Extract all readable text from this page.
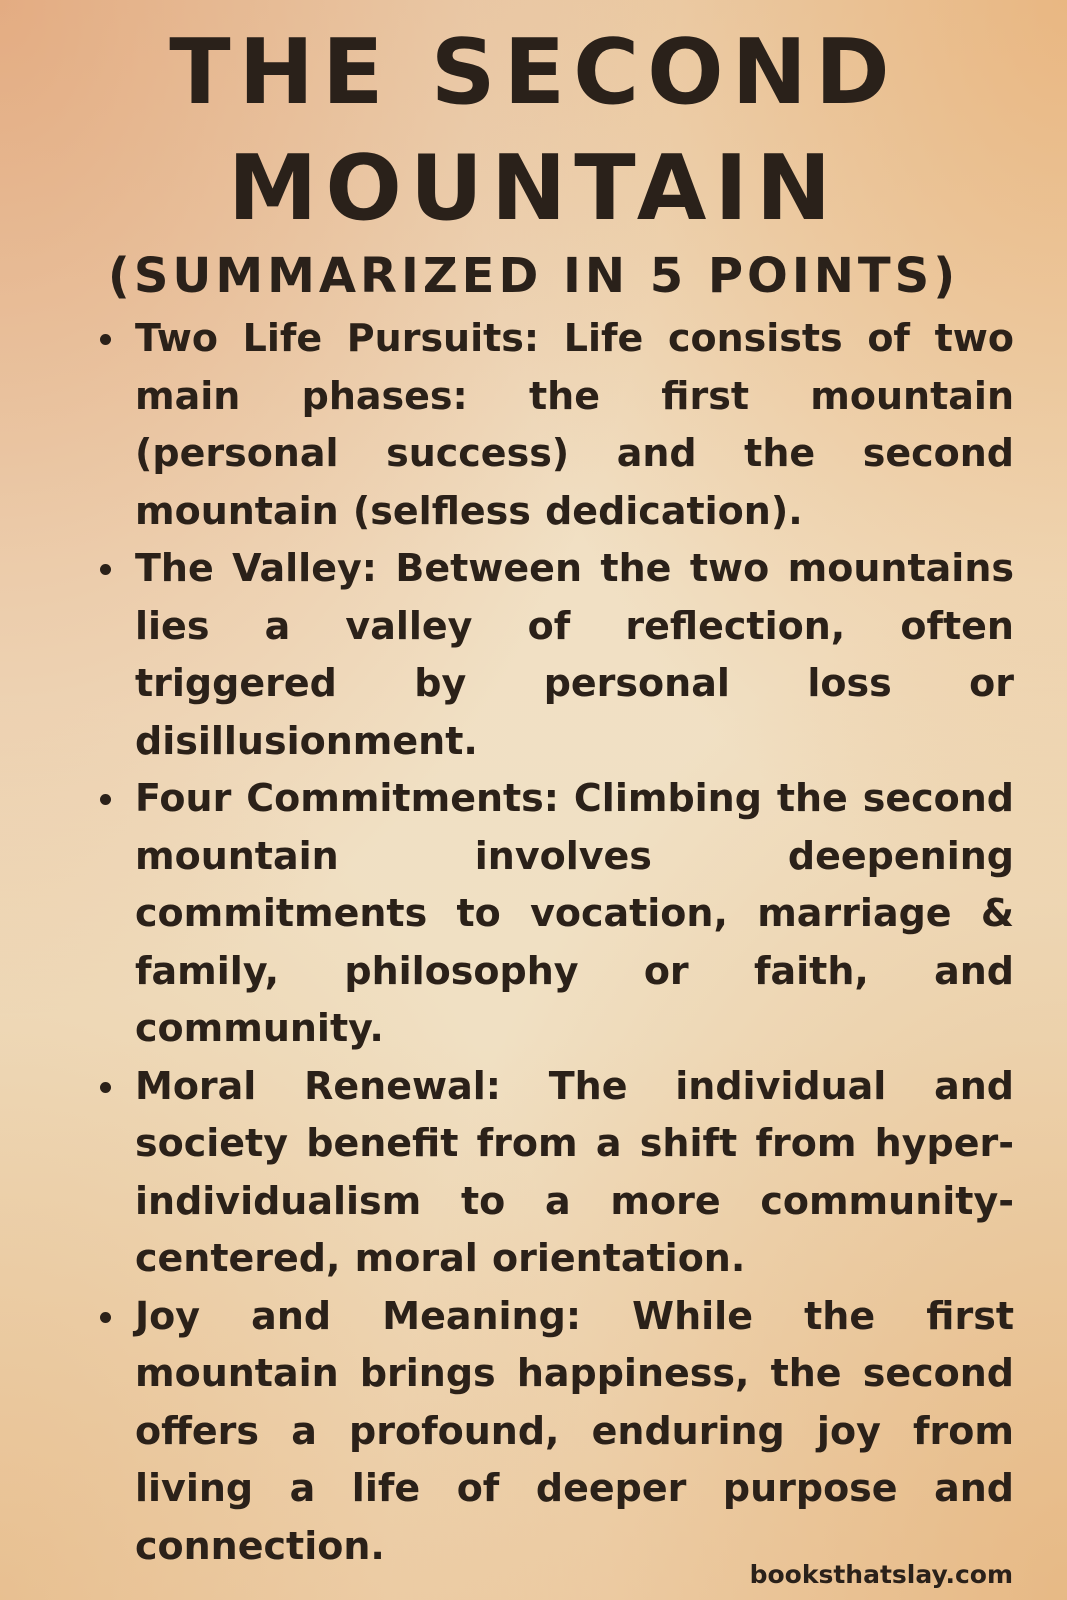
THE SECOND
MOUNTAIN
(SUMMARIZED IN 5 POINTS)
Two Life Pursuits: Life consists of two main phases: the first mountain (personal success) and the second mountain (selfless dedication).
The Valley: Between the two mountains lies a valley of reflection, often triggered by personal loss or disillusionment.
Four Commitments: Climbing the second mountain involves deepening commitments to vocation, marriage & family, philosophy or faith, and community.
Moral Renewal: The individual and society benefit from a shift from hyper-individualism to a more community-centered, moral orientation.
Joy and Meaning: While the first mountain brings happiness, the second offers a profound, enduring joy from living a life of deeper purpose and connection.
booksthatslay.com
